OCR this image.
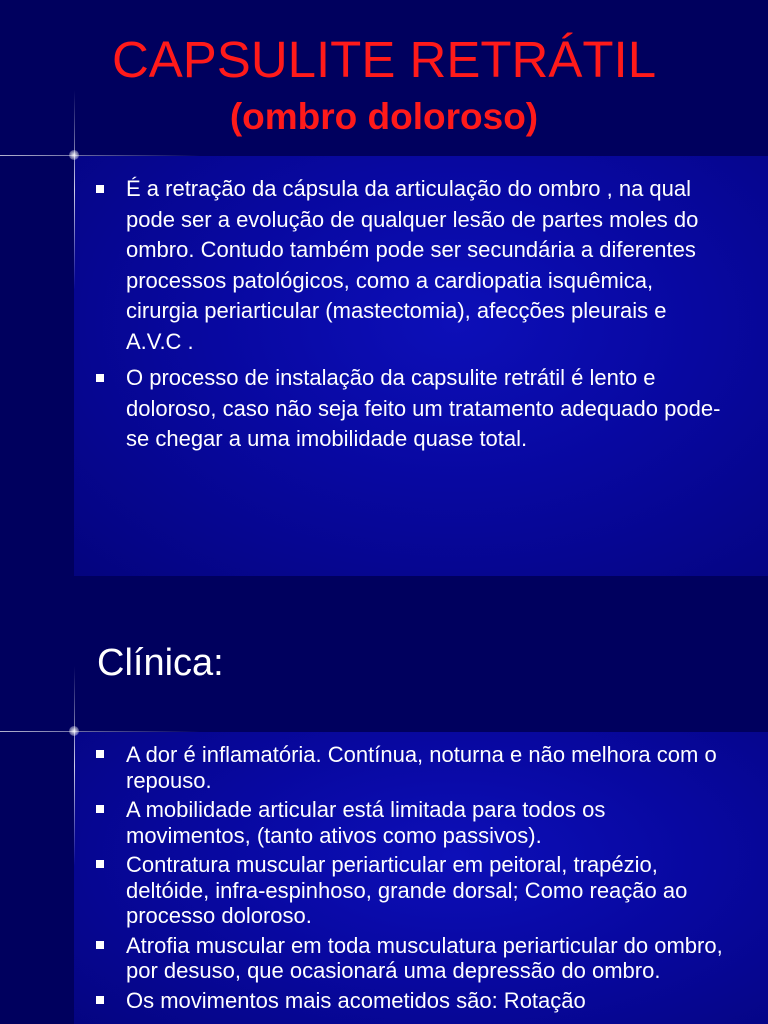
CAPSULITE RETRÁTIL
(ombro doloroso)
É a retração da cápsula da articulação do ombro , na qual pode ser a evolução de qualquer lesão de partes moles do ombro. Contudo também pode ser secundária a diferentes processos patológicos, como a cardiopatia isquêmica, cirurgia periarticular (mastectomia), afecções pleurais e A.V.C .
O processo de instalação da capsulite retrátil é lento e doloroso, caso não seja feito um tratamento adequado pode-se chegar a uma imobilidade quase total.
Clínica:
A dor é inflamatória. Contínua, noturna e não melhora com o repouso.
A mobilidade articular está limitada para todos os movimentos, (tanto ativos como passivos).
Contratura muscular periarticular em peitoral, trapézio, deltóide, infra-espinhoso, grande dorsal; Como reação ao processo doloroso.
Atrofia muscular em toda musculatura periarticular do ombro, por desuso, que ocasionará uma depressão do ombro.
Os movimentos mais acometidos são: Rotação
